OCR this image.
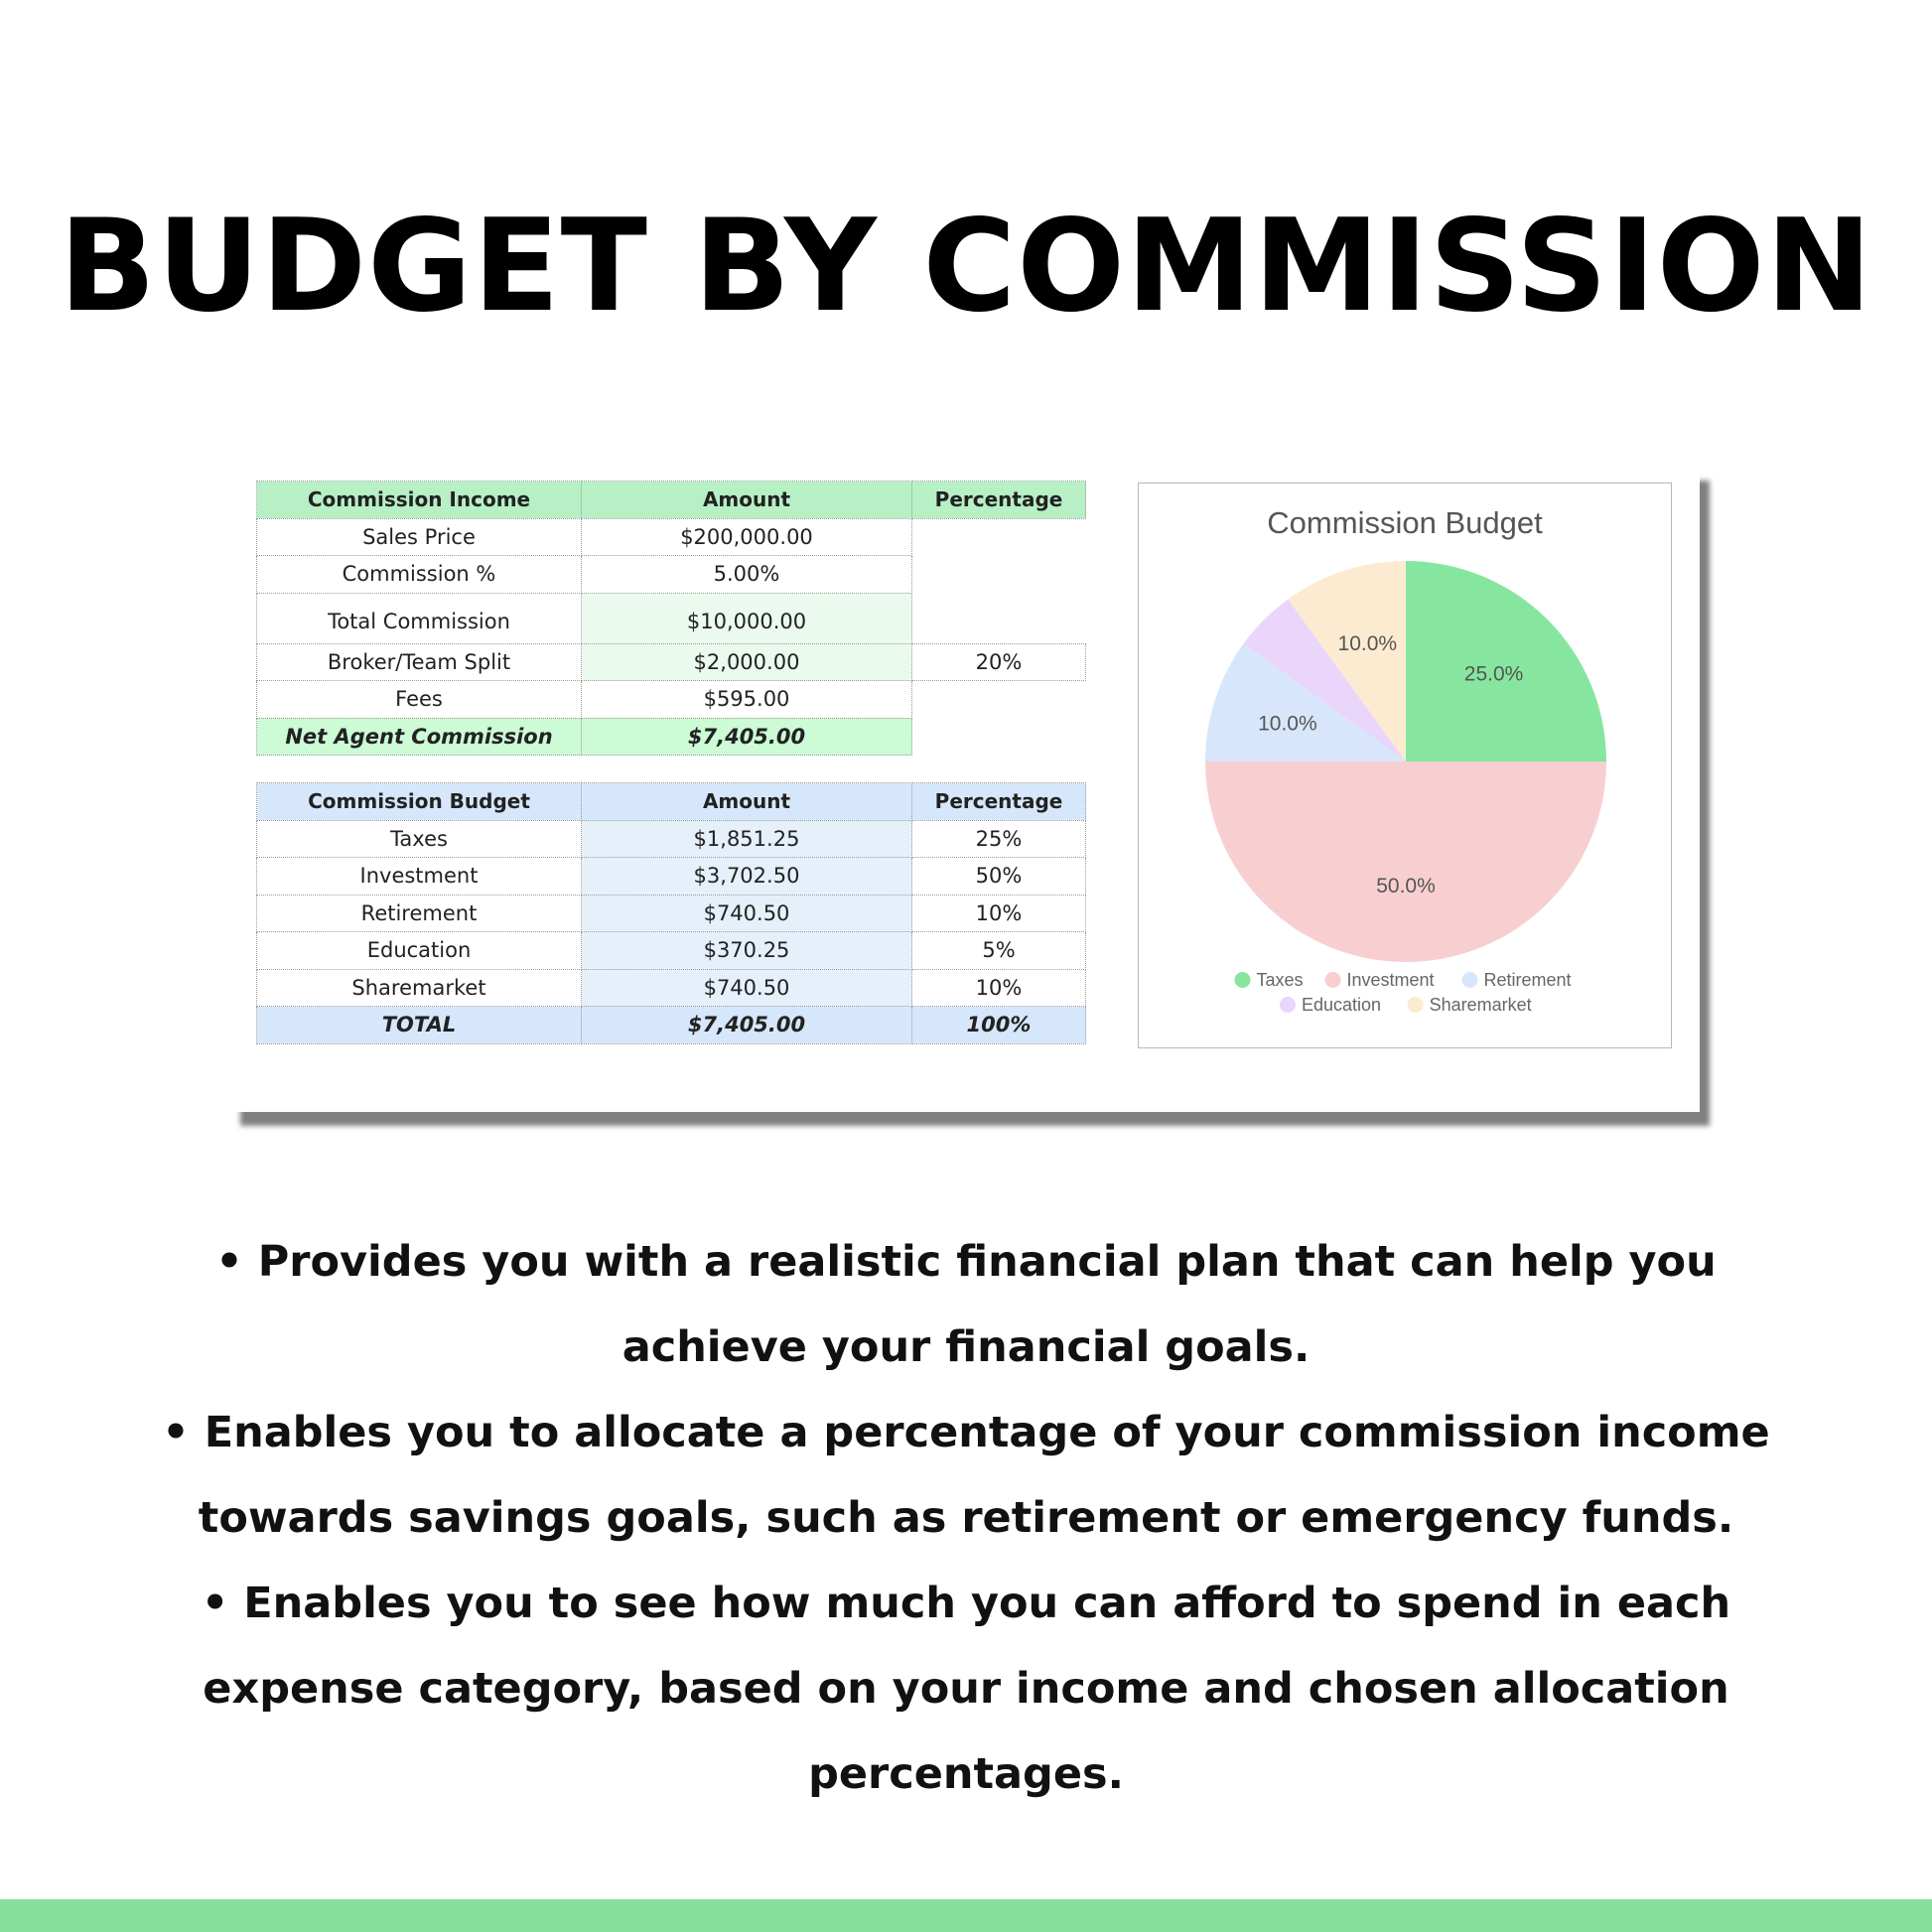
BUDGET BY COMMISSION
Commission Income	Amount	Percentage
Sales Price	$200,000.00	
Commission %	5.00%	
Total Commission	$10,000.00	
Broker/Team Split	$2,000.00	20%
Fees	$595.00	
Net Agent Commission	$7,405.00	
Commission Budget	Amount	Percentage
Taxes	$1,851.25	25%
Investment	$3,702.50	50%
Retirement	$740.50	10%
Education	$370.25	5%
Sharemarket	$740.50	10%
TOTAL	$7,405.00	100%
Commission Budget
25.0%
50.0%
10.0%
10.0%
Taxes Investment	Retirement
Education	Sharemarket

• Provides you with a realistic financial plan that can help you

achieve your financial goals.

• Enables you to allocate a percentage of your commission income

towards savings goals, such as retirement or emergency funds.

• Enables you to see how much you can afford to spend in each

expense category, based on your income and chosen allocation

percentages.
